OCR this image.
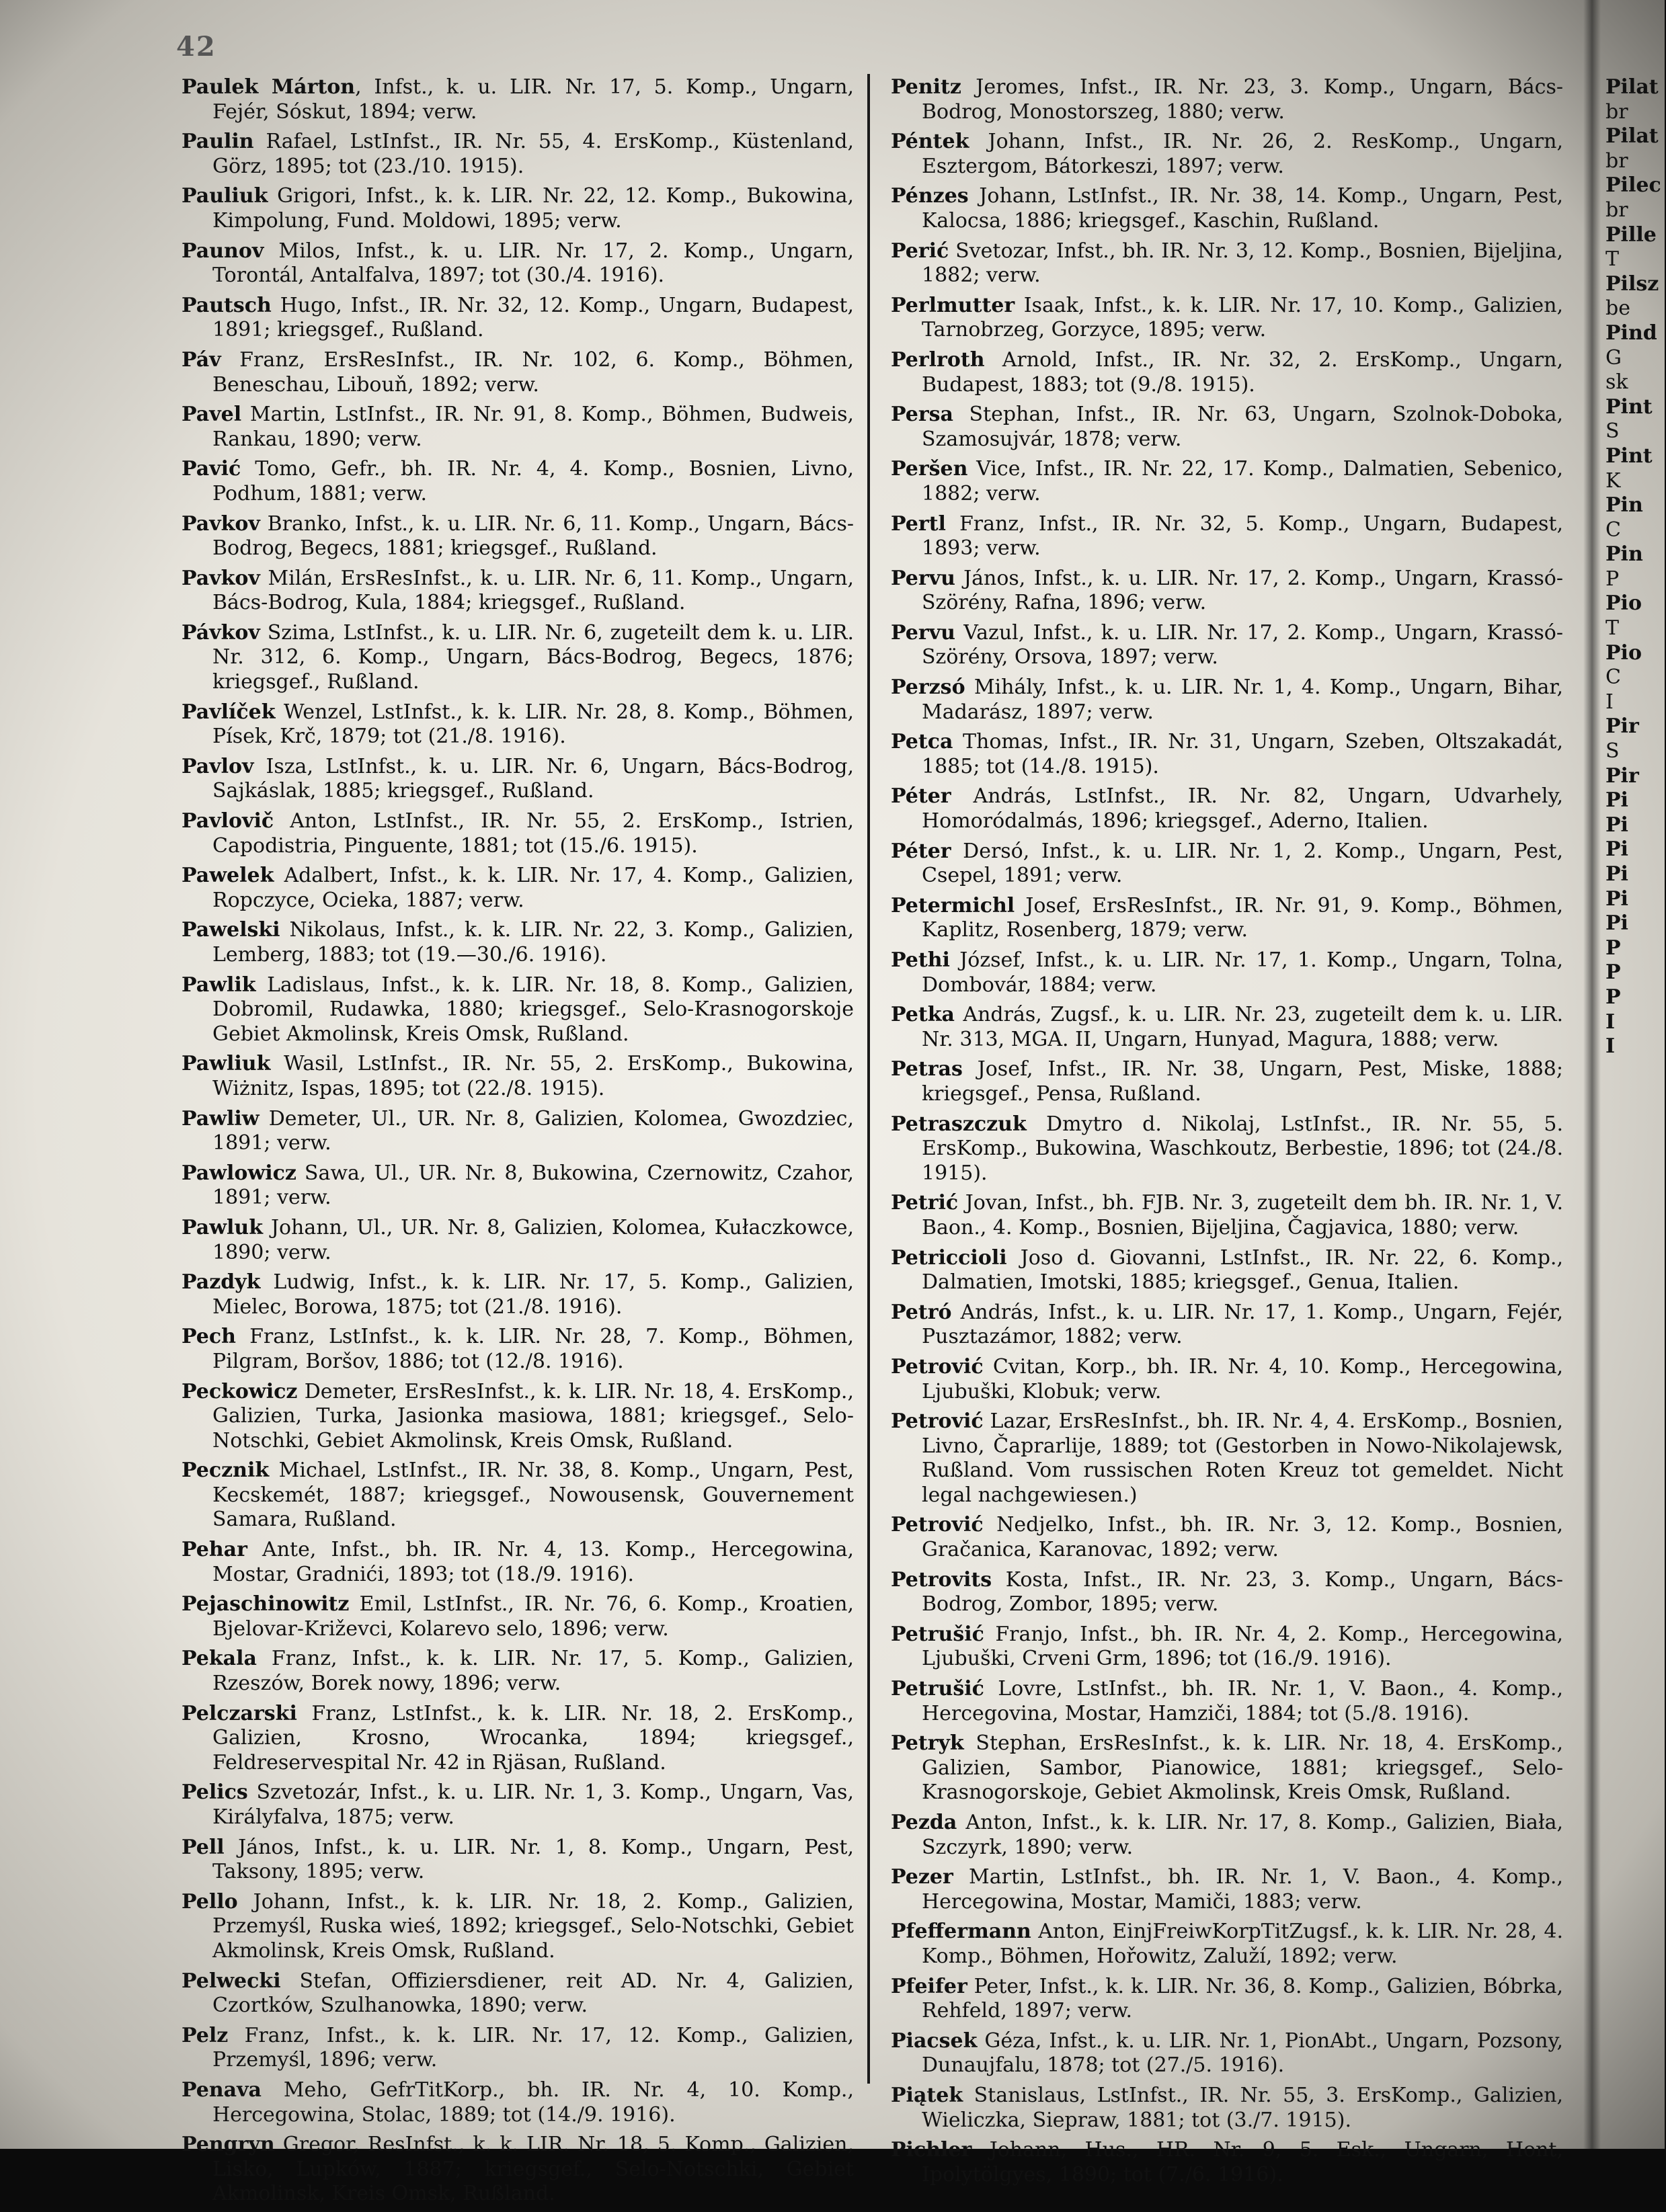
42
Paulek Márton, Infst., k. u. LIR. Nr. 17, 5. Komp., Ungarn, Fejér, Sóskut, 1894; verw.
Paulin Rafael, LstInfst., IR. Nr. 55, 4. ErsKomp., Küstenland, Görz, 1895; tot (23./10. 1915).
Pauliuk Grigori, Infst., k. k. LIR. Nr. 22, 12. Komp., Bukowina, Kimpolung, Fund. Moldowi, 1895; verw.
Paunov Milos, Infst., k. u. LIR. Nr. 17, 2. Komp., Ungarn, Torontál, Antalfalva, 1897; tot (30./4. 1916).
Pautsch Hugo, Infst., IR. Nr. 32, 12. Komp., Ungarn, Budapest, 1891; kriegsgef., Rußland.
Páv Franz, ErsResInfst., IR. Nr. 102, 6. Komp., Böhmen, Beneschau, Libouň, 1892; verw.
Pavel Martin, LstInfst., IR. Nr. 91, 8. Komp., Böhmen, Budweis, Rankau, 1890; verw.
Pavić Tomo, Gefr., bh. IR. Nr. 4, 4. Komp., Bosnien, Livno, Podhum, 1881; verw.
Pavkov Branko, Infst., k. u. LIR. Nr. 6, 11. Komp., Ungarn, Bács-Bodrog, Begecs, 1881; kriegsgef., Rußland.
Pavkov Milán, ErsResInfst., k. u. LIR. Nr. 6, 11. Komp., Ungarn, Bács-Bodrog, Kula, 1884; kriegsgef., Rußland.
Pávkov Szima, LstInfst., k. u. LIR. Nr. 6, zugeteilt dem k. u. LIR. Nr. 312, 6. Komp., Ungarn, Bács-Bodrog, Begecs, 1876; kriegsgef., Rußland.
Pavlíček Wenzel, LstInfst., k. k. LIR. Nr. 28, 8. Komp., Böhmen, Písek, Krč, 1879; tot (21./8. 1916).
Pavlov Isza, LstInfst., k. u. LIR. Nr. 6, Ungarn, Bács-Bodrog, Sajkáslak, 1885; kriegsgef., Rußland.
Pavlovič Anton, LstInfst., IR. Nr. 55, 2. ErsKomp., Istrien, Capodistria, Pinguente, 1881; tot (15./6. 1915).
Pawelek Adalbert, Infst., k. k. LIR. Nr. 17, 4. Komp., Galizien, Ropczyce, Ocieka, 1887; verw.
Pawelski Nikolaus, Infst., k. k. LIR. Nr. 22, 3. Komp., Galizien, Lemberg, 1883; tot (19.—30./6. 1916).
Pawlik Ladislaus, Infst., k. k. LIR. Nr. 18, 8. Komp., Galizien, Dobromil, Rudawka, 1880; kriegsgef., Selo-Krasnogorskoje Gebiet Akmolinsk, Kreis Omsk, Rußland.
Pawliuk Wasil, LstInfst., IR. Nr. 55, 2. ErsKomp., Bukowina, Wiżnitz, Ispas, 1895; tot (22./8. 1915).
Pawliw Demeter, Ul., UR. Nr. 8, Galizien, Kolomea, Gwozdziec, 1891; verw.
Pawlowicz Sawa, Ul., UR. Nr. 8, Bukowina, Czernowitz, Czahor, 1891; verw.
Pawluk Johann, Ul., UR. Nr. 8, Galizien, Kolomea, Kułaczkowce, 1890; verw.
Pazdyk Ludwig, Infst., k. k. LIR. Nr. 17, 5. Komp., Galizien, Mielec, Borowa, 1875; tot (21./8. 1916).
Pech Franz, LstInfst., k. k. LIR. Nr. 28, 7. Komp., Böhmen, Pilgram, Boršov, 1886; tot (12./8. 1916).
Peckowicz Demeter, ErsResInfst., k. k. LIR. Nr. 18, 4. ErsKomp., Galizien, Turka, Jasionka masiowa, 1881; kriegsgef., Selo-Notschki, Gebiet Akmolinsk, Kreis Omsk, Rußland.
Pecznik Michael, LstInfst., IR. Nr. 38, 8. Komp., Ungarn, Pest, Kecskemét, 1887; kriegsgef., Nowousensk, Gouvernement Samara, Rußland.
Pehar Ante, Infst., bh. IR. Nr. 4, 13. Komp., Hercegowina, Mostar, Gradnići, 1893; tot (18./9. 1916).
Pejaschinowitz Emil, LstInfst., IR. Nr. 76, 6. Komp., Kroatien, Bjelovar-Križevci, Kolarevo selo, 1896; verw.
Pekala Franz, Infst., k. k. LIR. Nr. 17, 5. Komp., Galizien, Rzeszów, Borek nowy, 1896; verw.
Pelczarski Franz, LstInfst., k. k. LIR. Nr. 18, 2. ErsKomp., Galizien, Krosno, Wrocanka, 1894; kriegsgef., Feldreservespital Nr. 42 in Rjäsan, Rußland.
Pelics Szvetozár, Infst., k. u. LIR. Nr. 1, 3. Komp., Ungarn, Vas, Királyfalva, 1875; verw.
Pell János, Infst., k. u. LIR. Nr. 1, 8. Komp., Ungarn, Pest, Taksony, 1895; verw.
Pello Johann, Infst., k. k. LIR. Nr. 18, 2. Komp., Galizien, Przemyśl, Ruska wieś, 1892; kriegsgef., Selo-Notschki, Gebiet Akmolinsk, Kreis Omsk, Rußland.
Pelwecki Stefan, Offiziersdiener, reit AD. Nr. 4, Galizien, Czortków, Szulhanowka, 1890; verw.
Pelz Franz, Infst., k. k. LIR. Nr. 17, 12. Komp., Galizien, Przemyśl, 1896; verw.
Penava Meho, GefrTitKorp., bh. IR. Nr. 4, 10. Komp., Hercegowina, Stolac, 1889; tot (14./9. 1916).
Pengryn Gregor, ResInfst., k. k. LIR. Nr. 18, 5. Komp., Galizien, Lisko, Lupków, 1887; kriegsgef., Selo-Notschki, Gebiet Akmolinsk, Kreis Omsk, Rußland.
Penitz Jeromes, Infst., IR. Nr. 23, 3. Komp., Ungarn, Bács-Bodrog, Monostorszeg, 1880; verw.
Péntek Johann, Infst., IR. Nr. 26, 2. ResKomp., Ungarn, Esztergom, Bátorkeszi, 1897; verw.
Pénzes Johann, LstInfst., IR. Nr. 38, 14. Komp., Ungarn, Pest, Kalocsa, 1886; kriegsgef., Kaschin, Rußland.
Perić Svetozar, Infst., bh. IR. Nr. 3, 12. Komp., Bosnien, Bijeljina, 1882; verw.
Perlmutter Isaak, Infst., k. k. LIR. Nr. 17, 10. Komp., Galizien, Tarnobrzeg, Gorzyce, 1895; verw.
Perlroth Arnold, Infst., IR. Nr. 32, 2. ErsKomp., Ungarn, Budapest, 1883; tot (9./8. 1915).
Persa Stephan, Infst., IR. Nr. 63, Ungarn, Szolnok-Doboka, Szamosujvár, 1878; verw.
Peršen Vice, Infst., IR. Nr. 22, 17. Komp., Dalmatien, Sebenico, 1882; verw.
Pertl Franz, Infst., IR. Nr. 32, 5. Komp., Ungarn, Budapest, 1893; verw.
Pervu János, Infst., k. u. LIR. Nr. 17, 2. Komp., Ungarn, Krassó-Szörény, Rafna, 1896; verw.
Pervu Vazul, Infst., k. u. LIR. Nr. 17, 2. Komp., Ungarn, Krassó-Szörény, Orsova, 1897; verw.
Perzsó Mihály, Infst., k. u. LIR. Nr. 1, 4. Komp., Ungarn, Bihar, Madarász, 1897; verw.
Petca Thomas, Infst., IR. Nr. 31, Ungarn, Szeben, Oltszakadát, 1885; tot (14./8. 1915).
Péter András, LstInfst., IR. Nr. 82, Ungarn, Udvarhely, Homoródalmás, 1896; kriegsgef., Aderno, Italien.
Péter Dersó, Infst., k. u. LIR. Nr. 1, 2. Komp., Ungarn, Pest, Csepel, 1891; verw.
Petermichl Josef, ErsResInfst., IR. Nr. 91, 9. Komp., Böhmen, Kaplitz, Rosenberg, 1879; verw.
Pethi József, Infst., k. u. LIR. Nr. 17, 1. Komp., Ungarn, Tolna, Dombovár, 1884; verw.
Petka András, Zugsf., k. u. LIR. Nr. 23, zugeteilt dem k. u. LIR. Nr. 313, MGA. II, Ungarn, Hunyad, Magura, 1888; verw.
Petras Josef, Infst., IR. Nr. 38, Ungarn, Pest, Miske, 1888; kriegsgef., Pensa, Rußland.
Petraszczuk Dmytro d. Nikolaj, LstInfst., IR. Nr. 55, 5. ErsKomp., Bukowina, Waschkoutz, Berbestie, 1896; tot (24./8. 1915).
Petrić Jovan, Infst., bh. FJB. Nr. 3, zugeteilt dem bh. IR. Nr. 1, V. Baon., 4. Komp., Bosnien, Bijeljina, Čagjavica, 1880; verw.
Petriccioli Joso d. Giovanni, LstInfst., IR. Nr. 22, 6. Komp., Dalmatien, Imotski, 1885; kriegsgef., Genua, Italien.
Petró András, Infst., k. u. LIR. Nr. 17, 1. Komp., Ungarn, Fejér, Pusztazámor, 1882; verw.
Petrović Cvitan, Korp., bh. IR. Nr. 4, 10. Komp., Hercegowina, Ljubuški, Klobuk; verw.
Petrović Lazar, ErsResInfst., bh. IR. Nr. 4, 4. ErsKomp., Bosnien, Livno, Čaprarlije, 1889; tot (Gestorben in Nowo-Nikolajewsk, Rußland. Vom russischen Roten Kreuz tot gemeldet. Nicht legal nachgewiesen.)
Petrović Nedjelko, Infst., bh. IR. Nr. 3, 12. Komp., Bosnien, Gračanica, Karanovac, 1892; verw.
Petrovits Kosta, Infst., IR. Nr. 23, 3. Komp., Ungarn, Bács-Bodrog, Zombor, 1895; verw.
Petrušić Franjo, Infst., bh. IR. Nr. 4, 2. Komp., Hercegowina, Ljubuški, Crveni Grm, 1896; tot (16./9. 1916).
Petrušić Lovre, LstInfst., bh. IR. Nr. 1, V. Baon., 4. Komp., Hercegovina, Mostar, Hamziči, 1884; tot (5./8. 1916).
Petryk Stephan, ErsResInfst., k. k. LIR. Nr. 18, 4. ErsKomp., Galizien, Sambor, Pianowice, 1881; kriegsgef., Selo-Krasnogorskoje, Gebiet Akmolinsk, Kreis Omsk, Rußland.
Pezda Anton, Infst., k. k. LIR. Nr. 17, 8. Komp., Galizien, Biała, Szczyrk, 1890; verw.
Pezer Martin, LstInfst., bh. IR. Nr. 1, V. Baon., 4. Komp., Hercegowina, Mostar, Mamiči, 1883; verw.
Pfeffermann Anton, EinjFreiwKorpTitZugsf., k. k. LIR. Nr. 28, 4. Komp., Böhmen, Hořowitz, Zaluží, 1892; verw.
Pfeifer Peter, Infst., k. k. LIR. Nr. 36, 8. Komp., Galizien, Bóbrka, Rehfeld, 1897; verw.
Piacsek Géza, Infst., k. u. LIR. Nr. 1, PionAbt., Ungarn, Pozsony, Dunaujfalu, 1878; tot (27./5. 1916).
Piątek Stanislaus, LstInfst., IR. Nr. 55, 3. ErsKomp., Galizien, Wieliczka, Siepraw, 1881; tot (3./7. 1915).
Pichler Johann, Hus., HR. Nr. 9, 5. Esk., Ungarn, Hont, Ipolytölgyes, 1890; tot (7./6. 1916).
Pilat
br
Pilat
br
Pilec
br
Pille
T
Pilsz
be
Pind
G
sk
Pint
S
Pint
K
Pin
C
Pin
P
Pio
T
Pio
C
I
Pir
S
Pir
Pi
Pi
Pi
Pi
Pi
Pi
P
P
P
I
I
